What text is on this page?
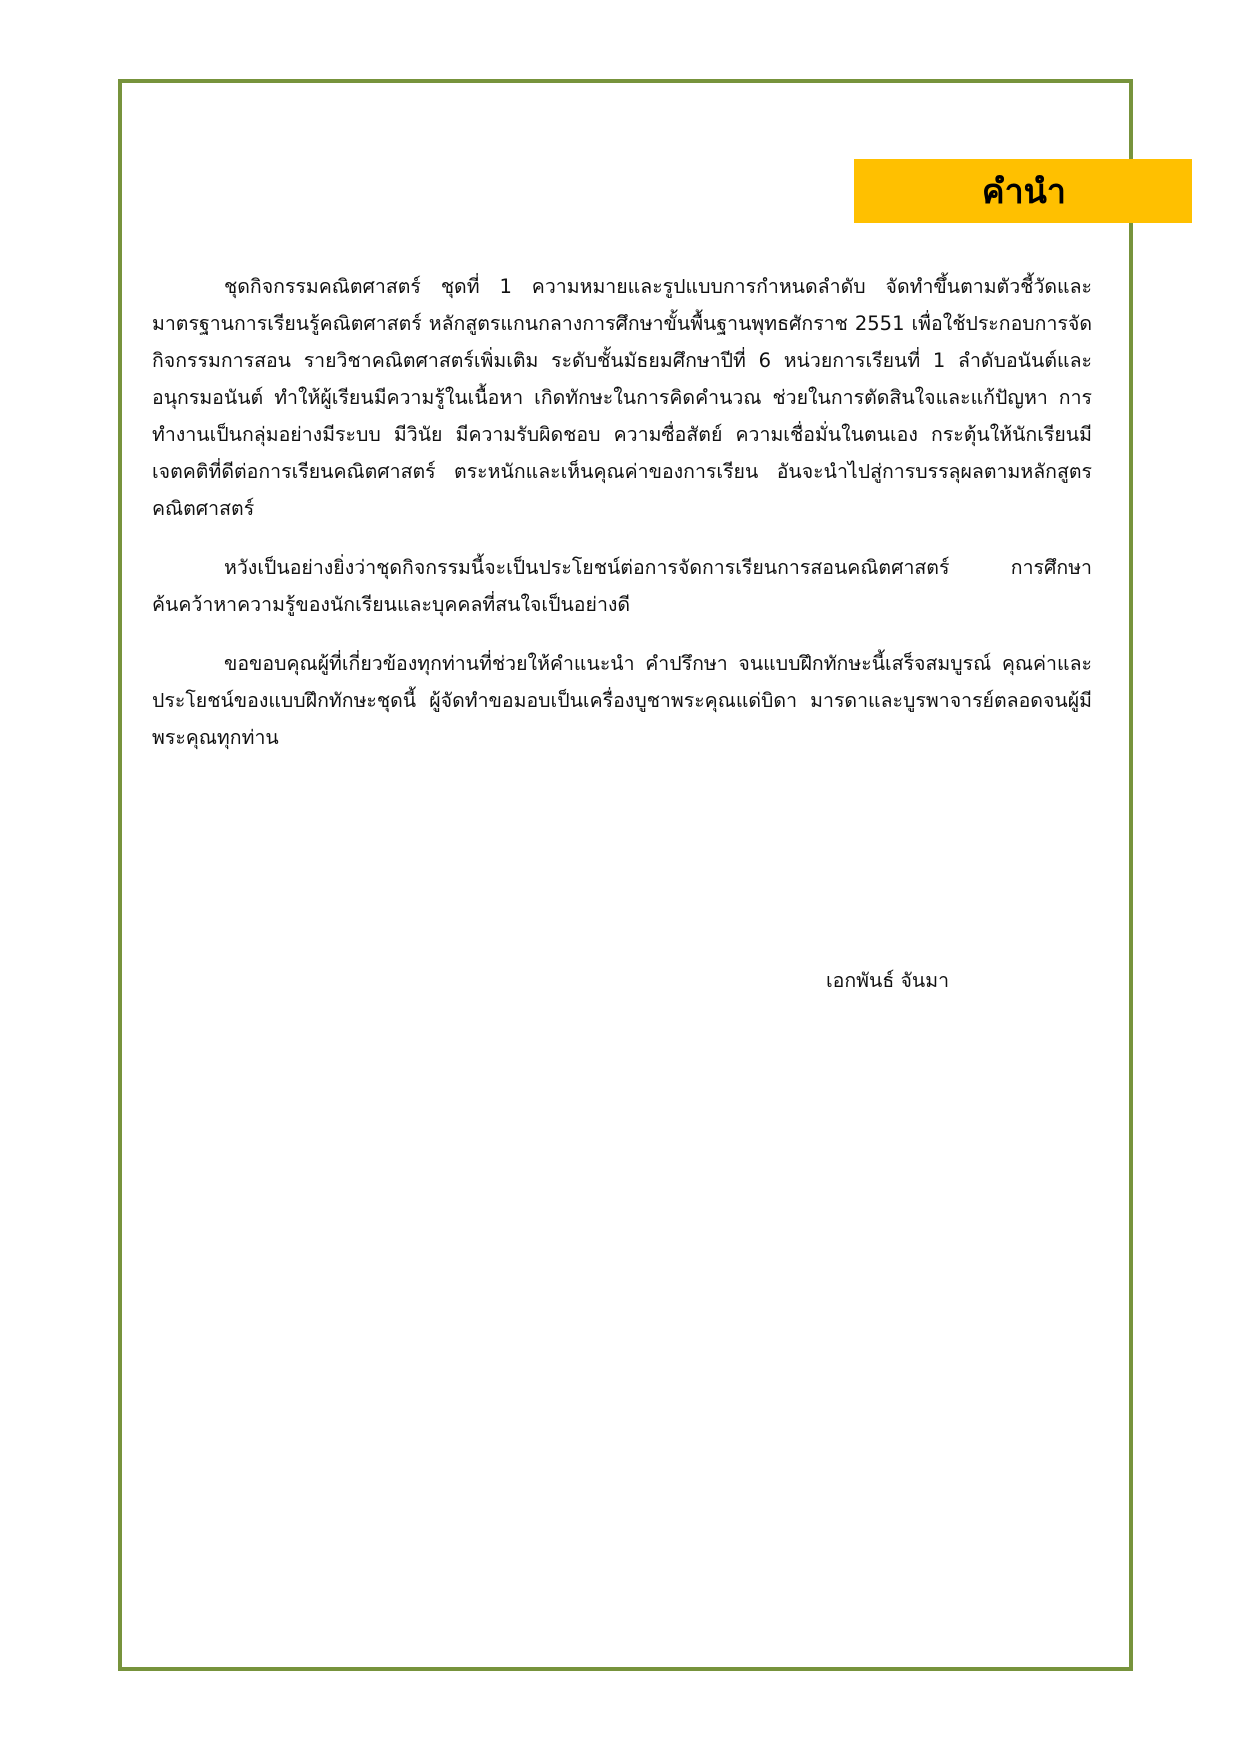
คำนำ

ชุดกิจกรรมคณิตศาสตร์ ชุดที่ 1 ความหมายและรูปแบบการกำหนดลำดับ จัดทำขึ้นตามตัวชี้วัดและมาตรฐานการเรียนรู้คณิตศาสตร์ หลักสูตรแกนกลางการศึกษาขั้นพื้นฐานพุทธศักราช 2551 เพื่อใช้ประกอบการจัดกิจกรรมการสอน รายวิชาคณิตศาสตร์เพิ่มเติม ระดับชั้นมัธยมศึกษาปีที่ 6 หน่วยการเรียนที่ 1 ลำดับอนันต์และอนุกรมอนันต์ ทำให้ผู้เรียนมีความรู้ในเนื้อหา เกิดทักษะในการคิดคำนวณ ช่วยในการตัดสินใจและแก้ปัญหา การทำงานเป็นกลุ่มอย่างมีระบบ มีวินัย มีความรับผิดชอบ ความซื่อสัตย์ ความเชื่อมั่นในตนเอง กระตุ้นให้นักเรียนมีเจตคติที่ดีต่อการเรียนคณิตศาสตร์ ตระหนักและเห็นคุณค่าของการเรียน อันจะนำไปสู่การบรรลุผลตามหลักสูตรคณิตศาสตร์

หวังเป็นอย่างยิ่งว่าชุดกิจกรรมนี้จะเป็นประโยชน์ต่อการจัดการเรียนการสอนคณิตศาสตร์ การศึกษาค้นคว้าหาความรู้ของนักเรียนและบุคคลที่สนใจเป็นอย่างดี

ขอขอบคุณผู้ที่เกี่ยวข้องทุกท่านที่ช่วยให้คำแนะนำ คำปรึกษา จนแบบฝึกทักษะนี้เสร็จสมบูรณ์ คุณค่าและประโยชน์ของแบบฝึกทักษะชุดนี้ ผู้จัดทำขอมอบเป็นเครื่องบูชาพระคุณแด่บิดา มารดาและบูรพาจารย์ตลอดจนผู้มีพระคุณทุกท่าน

เอกพันธ์ จันมา
